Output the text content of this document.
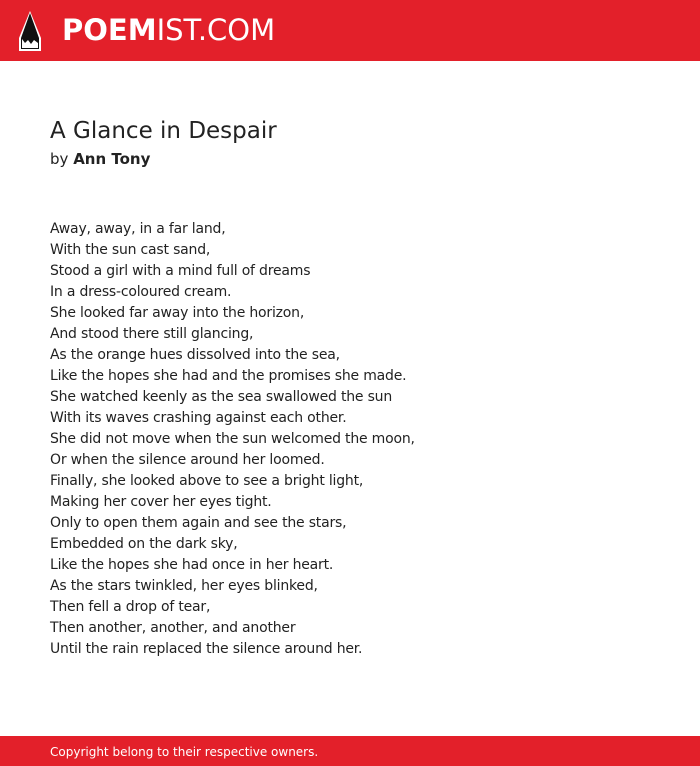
POEMIST.COM
A Glance in Despair
by Ann Tony
Away, away, in a far land,
With the sun cast sand,
Stood a girl with a mind full of dreams
In a dress-coloured cream.
She looked far away into the horizon,
And stood there still glancing,
As the orange hues dissolved into the sea,
Like the hopes she had and the promises she made.
She watched keenly as the sea swallowed the sun
With its waves crashing against each other.
She did not move when the sun welcomed the moon,
Or when the silence around her loomed.
Finally, she looked above to see a bright light,
Making her cover her eyes tight.
Only to open them again and see the stars,
Embedded on the dark sky,
Like the hopes she had once in her heart.
As the stars twinkled, her eyes blinked,
Then fell a drop of tear,
Then another, another, and another
Until the rain replaced the silence around her.
Copyright belong to their respective owners.
